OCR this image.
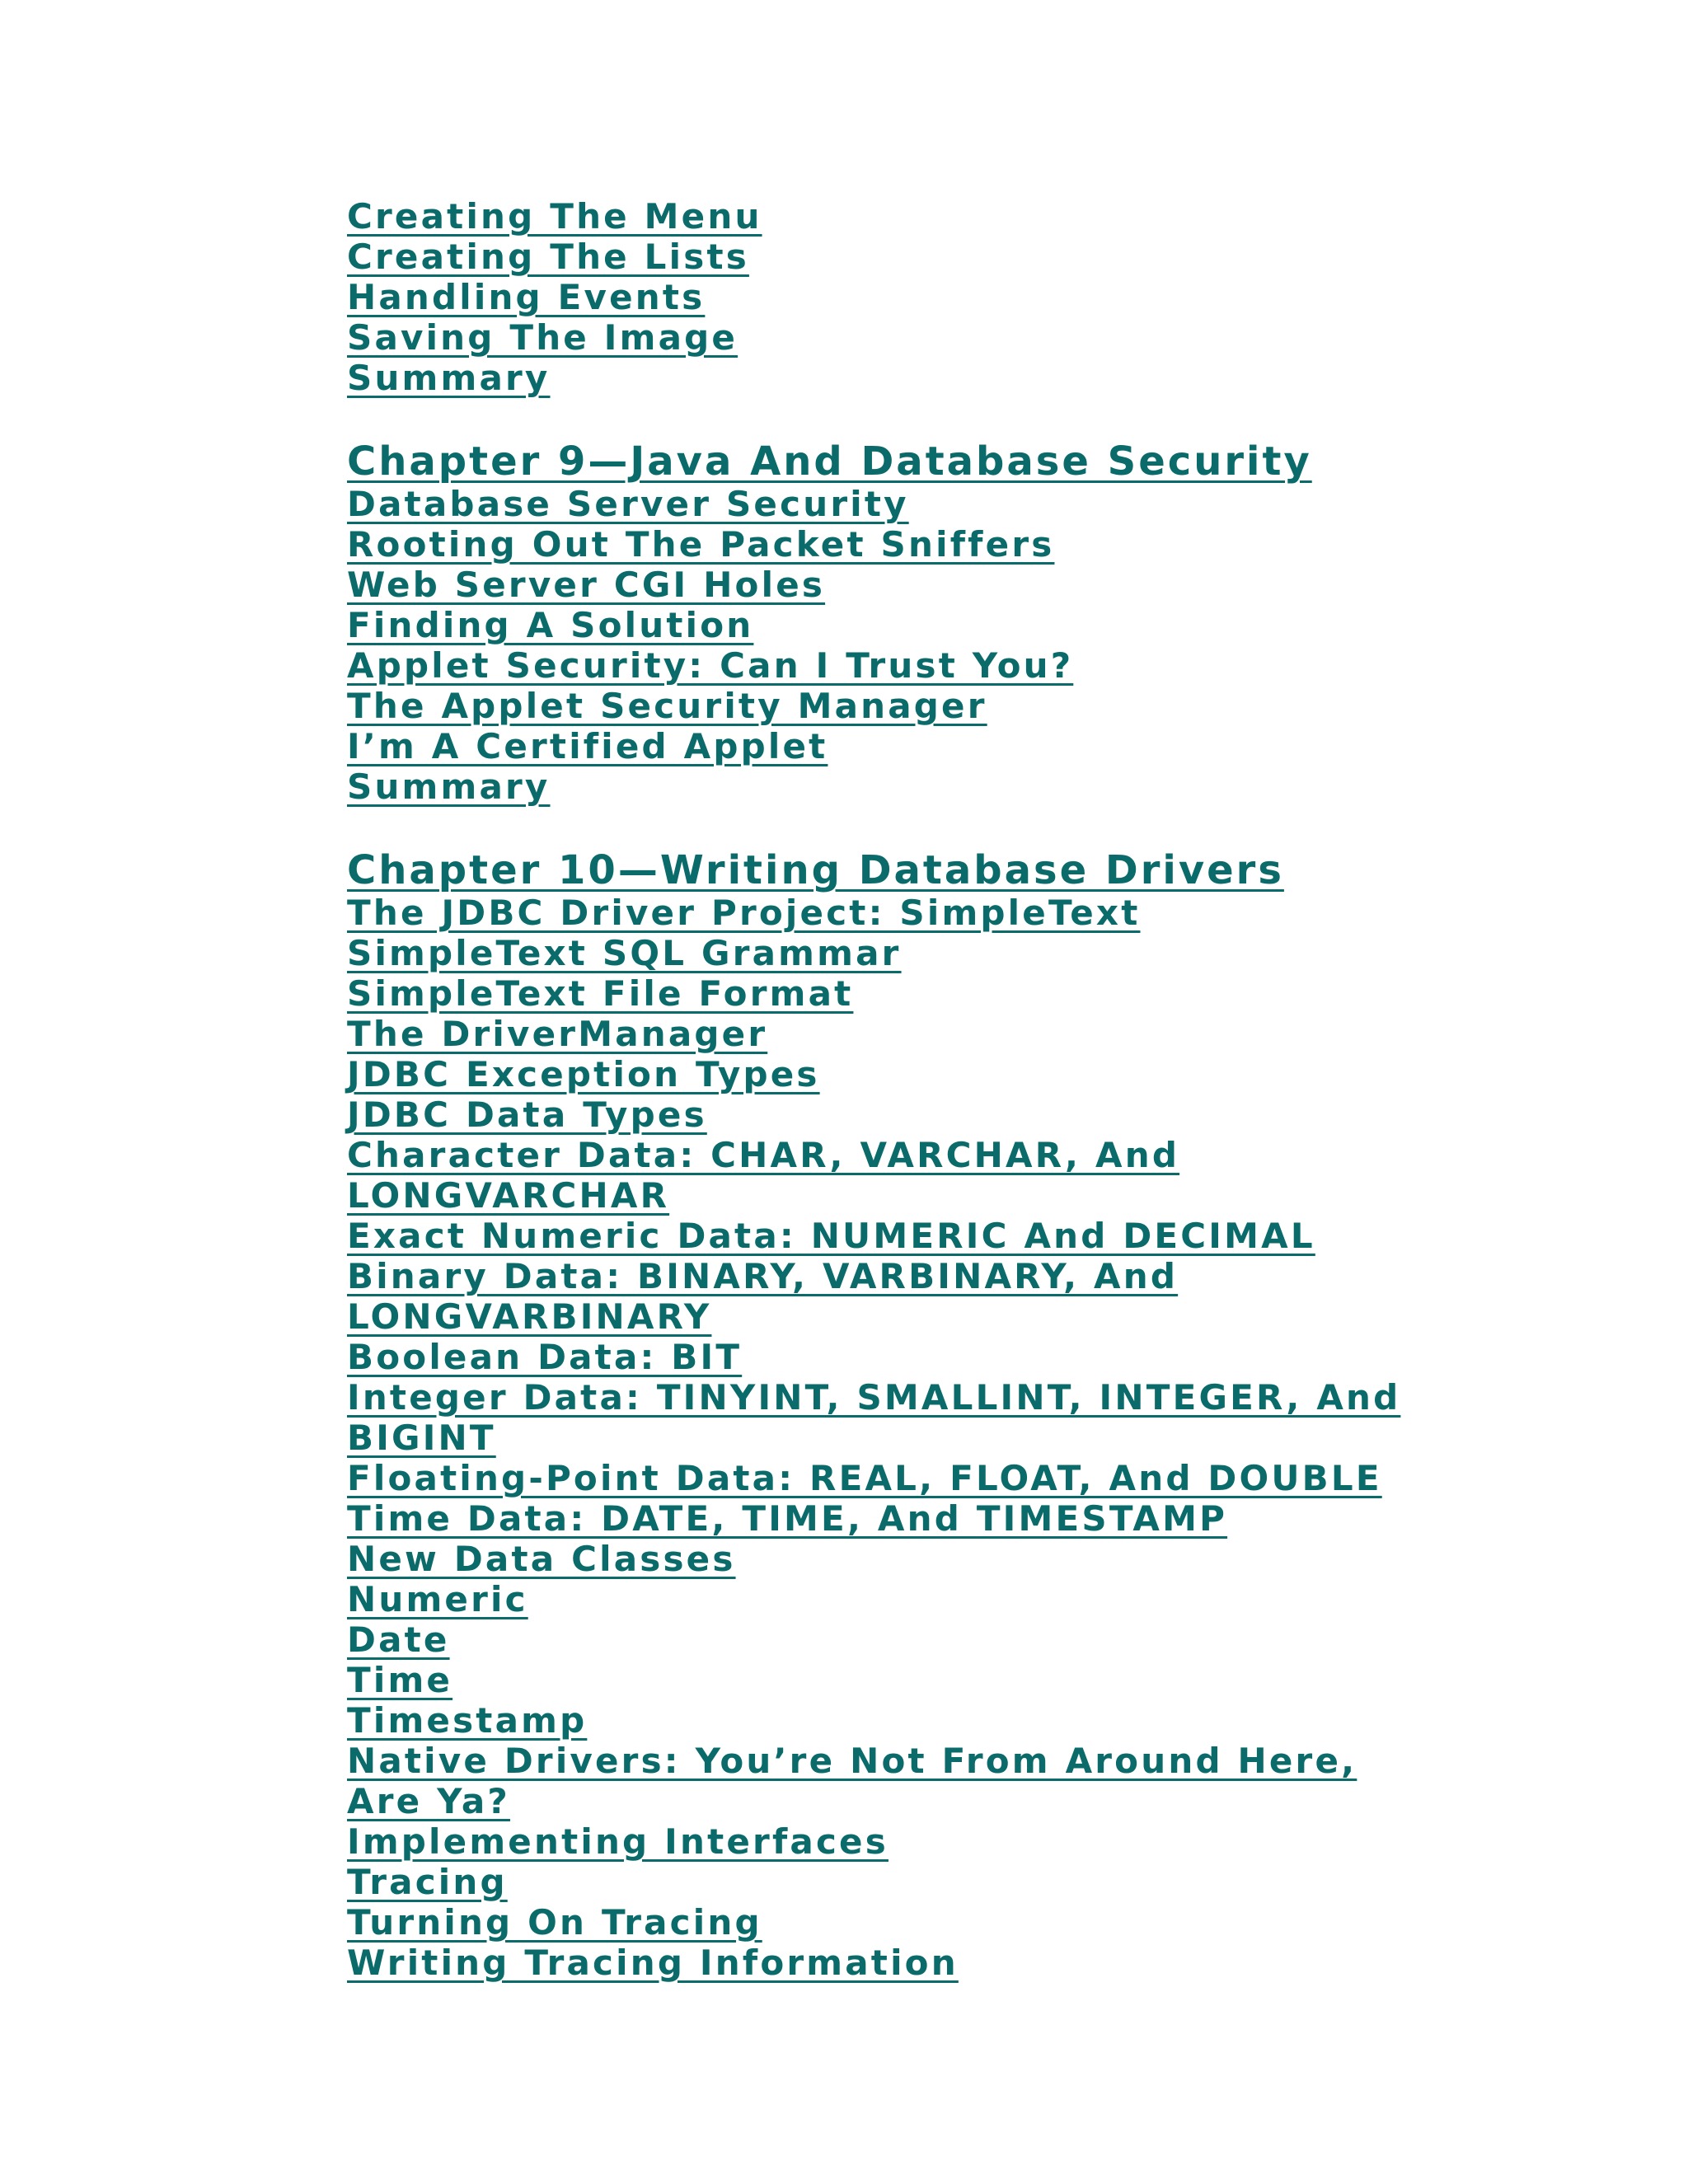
Creating The Menu
Creating The Lists
Handling Events
Saving The Image
Summary
Chapter 9—Java And Database Security
Database Server Security
Rooting Out The Packet Sniffers
Web Server CGI Holes
Finding A Solution
Applet Security: Can I Trust You?
The Applet Security Manager
I’m A Certified Applet
Summary
Chapter 10—Writing Database Drivers
The JDBC Driver Project: SimpleText
SimpleText SQL Grammar
SimpleText File Format
The DriverManager
JDBC Exception Types
JDBC Data Types
Character Data: CHAR, VARCHAR, And LONGVARCHAR
Exact Numeric Data: NUMERIC And DECIMAL
Binary Data: BINARY, VARBINARY, And LONGVARBINARY
Boolean Data: BIT
Integer Data: TINYINT, SMALLINT, INTEGER, And BIGINT
Floating-Point Data: REAL, FLOAT, And DOUBLE
Time Data: DATE, TIME, And TIMESTAMP
New Data Classes
Numeric
Date
Time
Timestamp
Native Drivers: You’re Not From Around Here, Are Ya?
Implementing Interfaces
Tracing
Turning On Tracing
Writing Tracing Information
